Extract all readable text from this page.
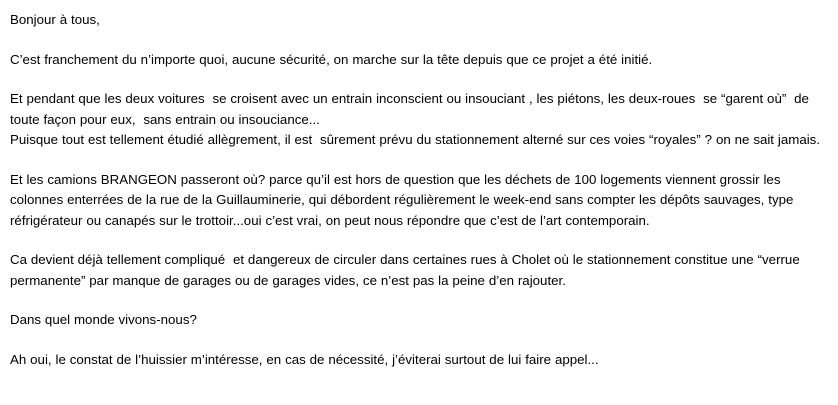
Bonjour à tous,

C’est franchement du n’importe quoi, aucune sécurité, on marche sur la tête depuis que ce projet a été initié.

Et pendant que les deux voitures  se croisent avec un entrain inconscient ou insouciant , les piétons, les deux-roues  se “garent où”  de toute façon pour eux,  sans entrain ou insouciance...

Puisque tout est tellement étudié allègrement, il est  sûrement prévu du stationnement alterné sur ces voies “royales” ? on ne sait jamais.

Et les camions BRANGEON passeront où? parce qu’il est hors de question que les déchets de 100 logements viennent grossir les colonnes enterrées de la rue de la Guillauminerie, qui débordent régulièrement le week-end sans compter les dépôts sauvages, type réfrigérateur ou canapés sur le trottoir...oui c’est vrai, on peut nous répondre que c’est de l’art contemporain.

Ca devient déjà tellement compliqué  et dangereux de circuler dans certaines rues à Cholet où le stationnement constitue une “verrue permanente” par manque de garages ou de garages vides, ce n’est pas la peine d’en rajouter.

Dans quel monde vivons-nous?

Ah oui, le constat de l’huissier m’intéresse, en cas de nécessité, j’éviterai surtout de lui faire appel...
